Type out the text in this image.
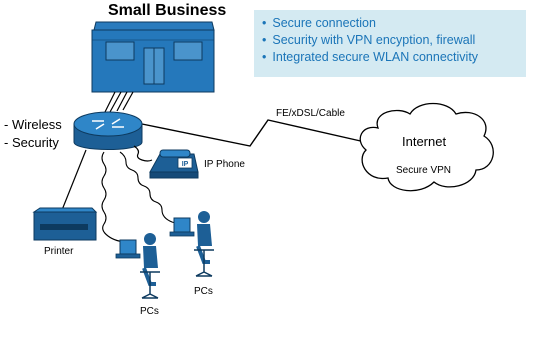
IP
Small Business
• Secure connection
• Security with VPN encyption, firewall
• Integrated secure WLAN connectivity
- Wireless
- Security
FE/xDSL/Cable
Internet
Secure VPN
IP Phone
Printer
PCs
PCs
